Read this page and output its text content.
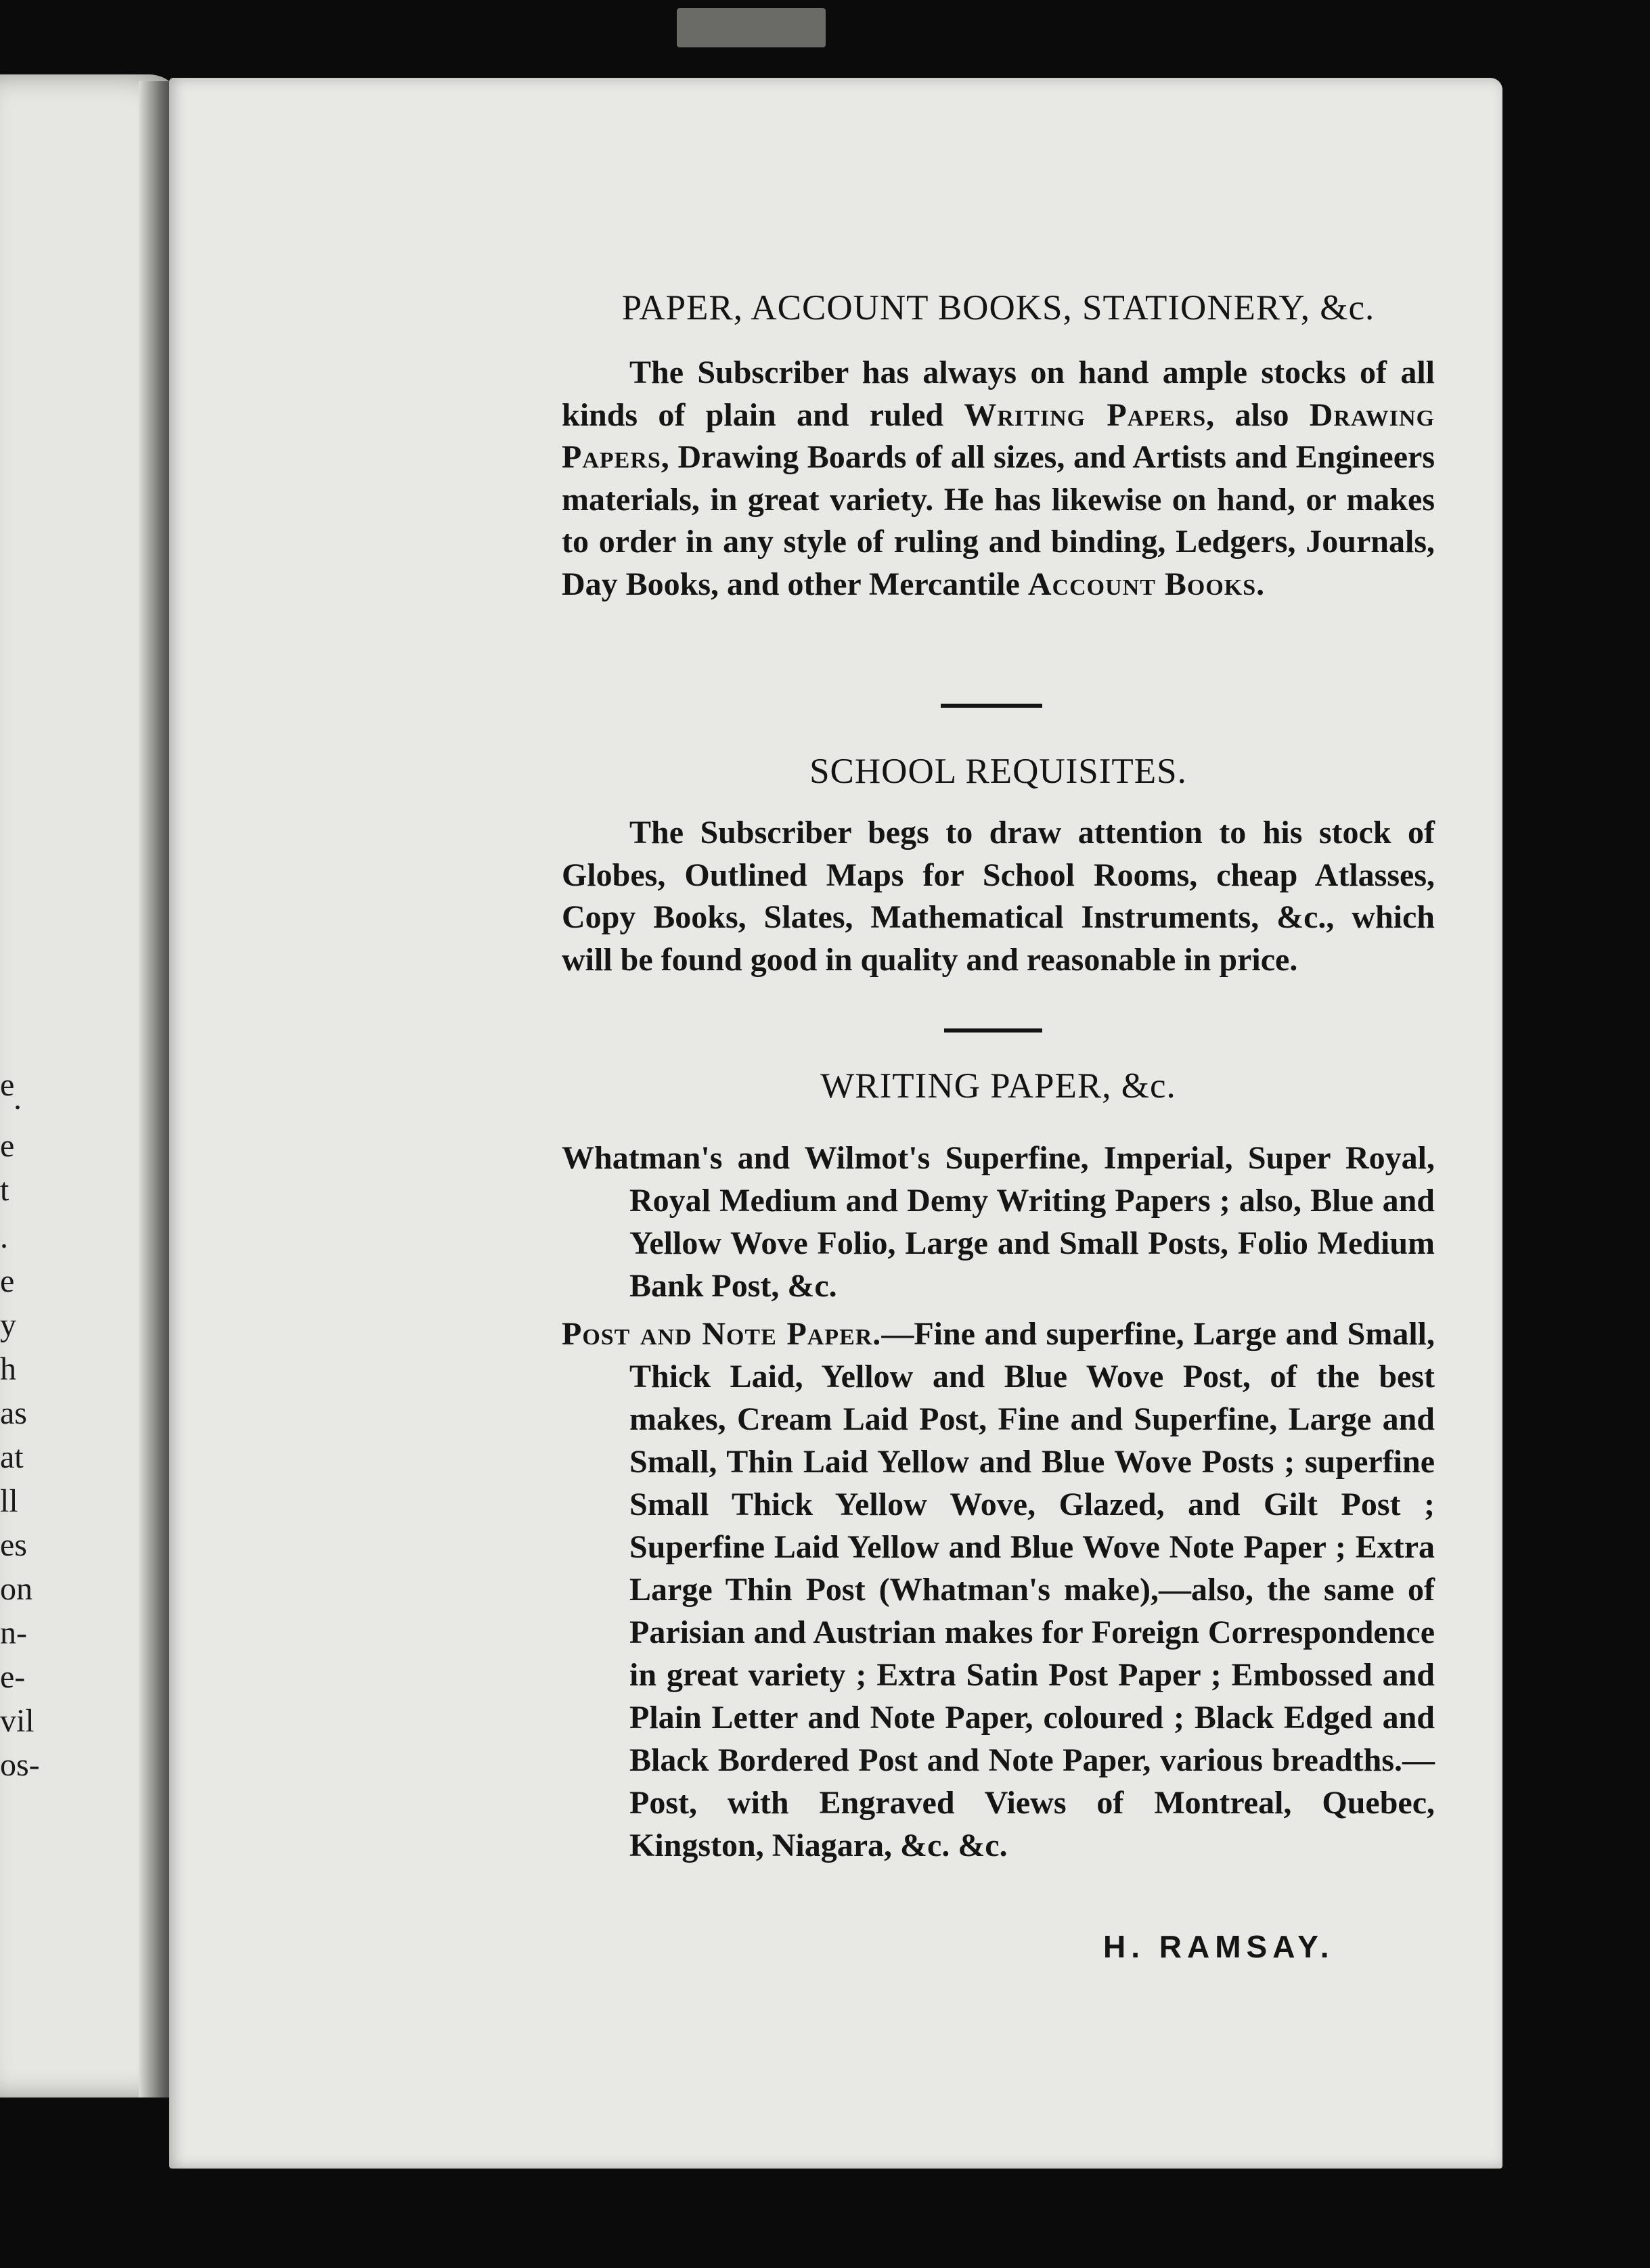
e
.
e
t
.
e
y
h
as
at
ll
es
on
n-
e-
vil
os-
PAPER, ACCOUNT BOOKS, STATIONERY, &c.
The Subscriber has always on hand ample stocks of all kinds of plain and ruled Writing Papers, also Drawing Papers, Drawing Boards of all sizes, and Artists and Engineers materials, in great variety. He has likewise on hand, or makes to order in any style of ruling and binding, Ledgers, Journals, Day Books, and other Mercantile Account Books.
SCHOOL REQUISITES.
The Subscriber begs to draw attention to his stock of Globes, Outlined Maps for School Rooms, cheap Atlasses, Copy Books, Slates, Mathematical Instruments, &c., which will be found good in quality and reasonable in price.
WRITING PAPER, &c.
Whatman's and Wilmot's Superfine, Imperial, Super Royal, Royal Medium and Demy Writing Papers ; also, Blue and Yellow Wove Folio, Large and Small Posts, Folio Medium Bank Post, &c.
Post and Note Paper.—Fine and superfine, Large and Small, Thick Laid, Yellow and Blue Wove Post, of the best makes, Cream Laid Post, Fine and Superfine, Large and Small, Thin Laid Yellow and Blue Wove Posts ; superfine Small Thick Yellow Wove, Glazed, and Gilt Post ; Superfine Laid Yellow and Blue Wove Note Paper ; Extra Large Thin Post (Whatman's make),—also, the same of Parisian and Austrian makes for Foreign Correspondence in great variety ; Extra Satin Post Paper ; Embossed and Plain Letter and Note Paper, coloured ; Black Edged and Black Bordered Post and Note Paper, various breadths.—Post, with Engraved Views of Montreal, Quebec, Kingston, Niagara, &c. &c.
H. RAMSAY.
